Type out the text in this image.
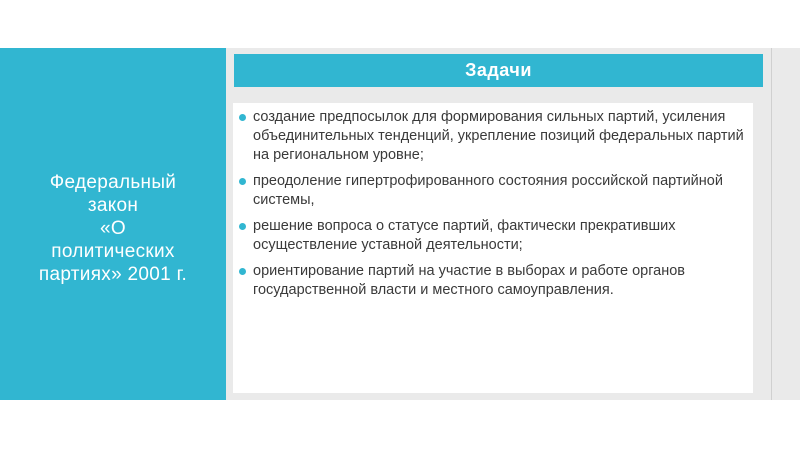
Федеральный
закон
«О
политических
партиях» 2001 г.
Задачи
создание предпосылок для формирования сильных партий, усиления объединительных тенденций, укрепление позиций федеральных партий на региональном уровне;
преодоление гипертрофированного состояния российской партийной системы,
решение вопроса о статусе партий, фактически прекративших осуществление уставной деятельности;
ориентирование партий на участие в выборах и работе органов государственной власти и местного самоуправления.
